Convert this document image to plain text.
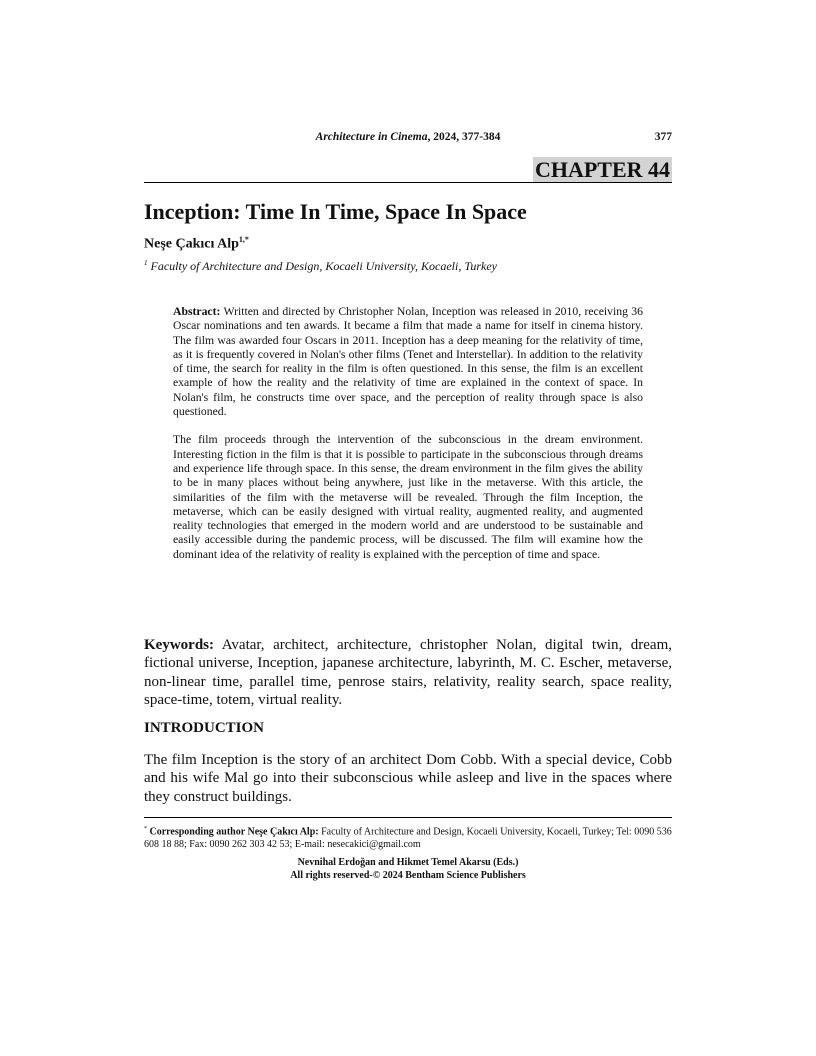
Architecture in Cinema, 2024, 377-384	377
CHAPTER 44
Inception: Time In Time, Space In Space
Neşe Çakıcı Alp$^{1,*}$
$^1$ Faculty of Architecture and Design, Kocaeli University, Kocaeli, Turkey

Abstract: Written and directed by Christopher Nolan, Inception was released in 2010, receiving 36 Oscar nominations and ten awards. It became a film that made a name for itself in cinema history. The film was awarded four Oscars in 2011. Inception has a deep meaning for the relativity of time, as it is frequently covered in Nolan's other films (Tenet and Interstellar). In addition to the relativity of time, the search for reality in the film is often questioned. In this sense, the film is an excellent example of how the reality and the relativity of time are explained in the context of space. In Nolan's film, he constructs time over space, and the perception of reality through space is also questioned.

The film proceeds through the intervention of the subconscious in the dream environment. Interesting fiction in the film is that it is possible to participate in the subconscious through dreams and experience life through space. In this sense, the dream environment in the film gives the ability to be in many places without being anywhere, just like in the metaverse. With this article, the similarities of the film with the metaverse will be revealed. Through the film Inception, the metaverse, which can be easily designed with virtual reality, augmented reality, and augmented reality technologies that emerged in the modern world and are understood to be sustainable and easily accessible during the pandemic process, will be discussed. The film will examine how the dominant idea of the relativity of reality is explained with the perception of time and space.

Keywords: Avatar, architect, architecture, christopher Nolan, digital twin, dream, fictional universe, Inception, japanese architecture, labyrinth, M. C. Escher, metaverse, non-linear time, parallel time, penrose stairs, relativity, reality search, space reality, space-time, totem, virtual reality.

INTRODUCTION

The film Inception is the story of an architect Dom Cobb. With a special device, Cobb and his wife Mal go into their subconscious while asleep and live in the spaces where they construct buildings.

* Corresponding author Neşe Çakıcı Alp: Faculty of Architecture and Design, Kocaeli University, Kocaeli, Turkey; Tel: 0090 536 608 18 88; Fax: 0090 262 303 42 53; E-mail: nesecakici@gmail.com

Nevnihal Erdoğan and Hikmet Temel Akarsu (Eds.)
All rights reserved-© 2024 Bentham Science Publishers
